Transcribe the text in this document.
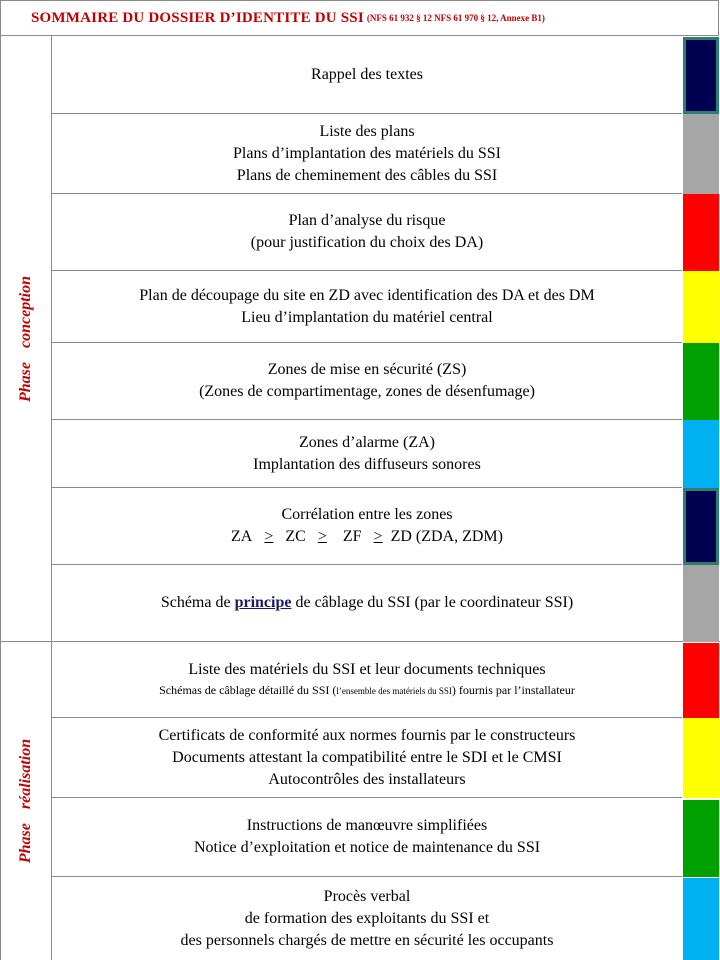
SOMMAIRE DU DOSSIER D’IDENTITE DU SSI (NFS 61 932 § 12 NFS 61 970 § 12, Annexe B1)
Phase conception
Phase réalisation
Rappel des textes
Liste des plans
Plans d’implantation des matériels du SSI
Plans de cheminement des câbles du SSI
Plan d’analyse du risque
(pour justification du choix des DA)
Plan de découpage du site en ZD avec identification des DA et des DM
Lieu d’implantation du matériel central
Zones de mise en sécurité (ZS)
(Zones de compartimentage, zones de désenfumage)
Zones d’alarme (ZA)
Implantation des diffuseurs sonores
Corrélation entre les zones
ZA > ZC > ZF > ZD (ZDA, ZDM)
Schéma de principe de câblage du SSI (par le coordinateur SSI)
Liste des matériels du SSI et leur documents techniques
Schémas de câblage détaillé du SSI (l’ensemble des matériels du SSI) fournis par l’installateur
Certificats de conformité aux normes fournis par le constructeurs
Documents attestant la compatibilité entre le SDI et le CMSI
Autocontrôles des installateurs
Instructions de manœuvre simplifiées
Notice d’exploitation et notice de maintenance du SSI
Procès verbal
de formation des exploitants du SSI et
des personnels chargés de mettre en sécurité les occupants
